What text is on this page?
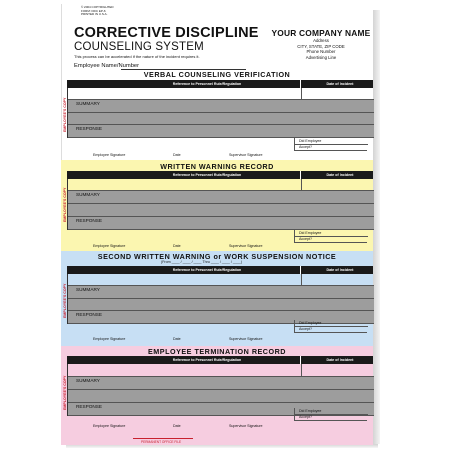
© 2004 COPYRIGHTED
FORM: DDC EP-6
PRINTED IN U.S.A.
CORRECTIVE DISCIPLINE
COUNSELING SYSTEM
This process can be accelerated if the nature of the incident requires it.
Employee Name/Number
YOUR COMPANY NAME
Address
CITY, STATE, ZIP CODE
Phone Number
Advertising Line
VERBAL COUNSELING VERIFICATION
Reference to Personnel Rule/Regulation	Date of Incident
SUMMARY
RESPONSE
Did Employee
Accept?
Employee Signature	Date	Supervisor Signature
EMPLOYEE'S COPY
WRITTEN WARNING RECORD
Reference to Personnel Rule/Regulation	Date of Incident
SUMMARY
RESPONSE
Did Employee
Accept?
Employee Signature	Date	Supervisor Signature
EMPLOYEE'S COPY
SECOND WRITTEN WARNING or WORK SUSPENSION NOTICE
(From ____ / ____ / ____ Thru ____ / ____ / ____)
Reference to Personnel Rule/Regulation	Date of Incident
SUMMARY
RESPONSE
Did Employee
Accept?
Employee Signature	Date	Supervisor Signature
EMPLOYEE'S COPY
EMPLOYEE TERMINATION RECORD
Reference to Personnel Rule/Regulation	Date of Incident
SUMMARY
RESPONSE
Did Employee
Accept?
Employee Signature	Date	Supervisor Signature
EMPLOYEE'S COPY
PERMANENT OFFICE FILE
